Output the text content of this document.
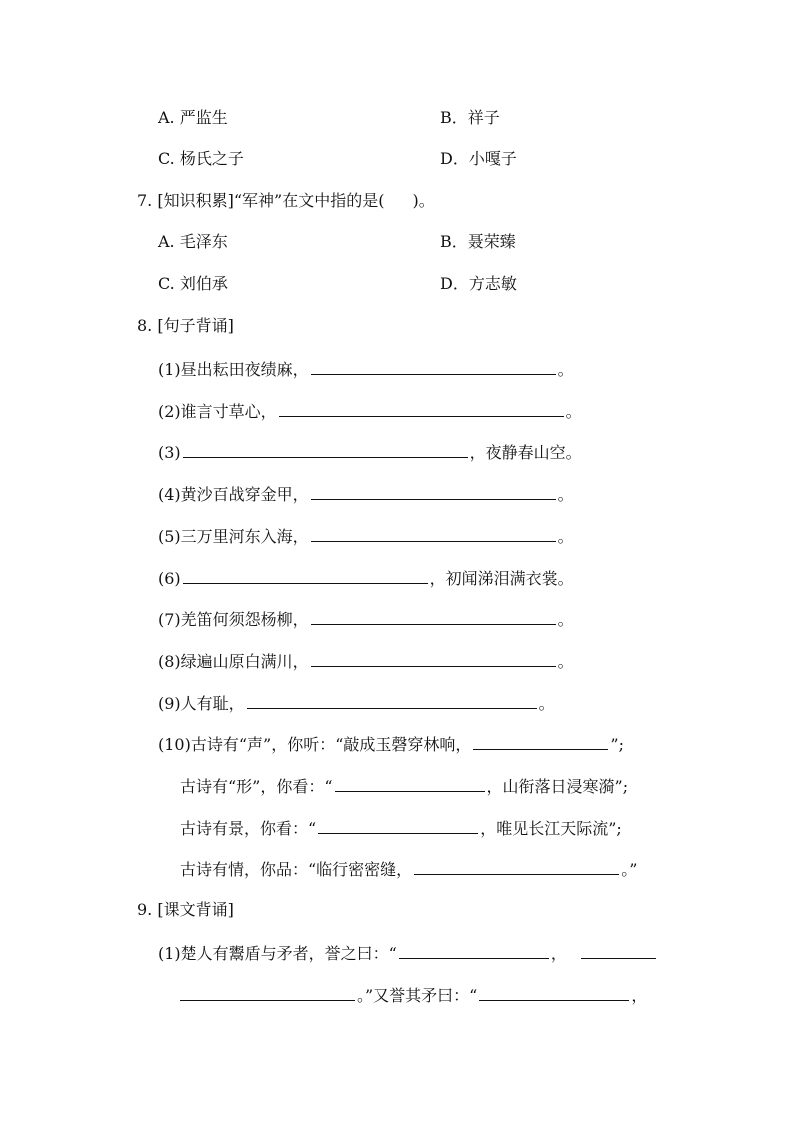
A. 严监生	B．祥子
C. 杨氏之子	D．小嘎子
7. [知识积累]“军神”在文中指的是( )。
A. 毛泽东	B．聂荣臻
C. 刘伯承	D．方志敏
8. [句子背诵]
(1)昼出耘田夜绩麻，	。
(2)谁言寸草心，	。
(3)	，夜静春山空。
(4)黄沙百战穿金甲，	。
(5)三万里河东入海，	。
(6)	，初闻涕泪满衣裳。
(7)羌笛何须怨杨柳，	。
(8)绿遍山原白满川，	。
(9)人有耻，	。
(10)古诗有“声”，你听：“敲成玉磬穿林响，	”;
古诗有“形”，你看：“	，山衔落日浸寒漪”;
古诗有景，你看：“	，唯见长江天际流”;
古诗有情，你品：“临行密密缝，	。”
9. [课文背诵]
(1)楚人有鬻盾与矛者，誉之曰：“	，
。”又誉其矛曰：“	，
